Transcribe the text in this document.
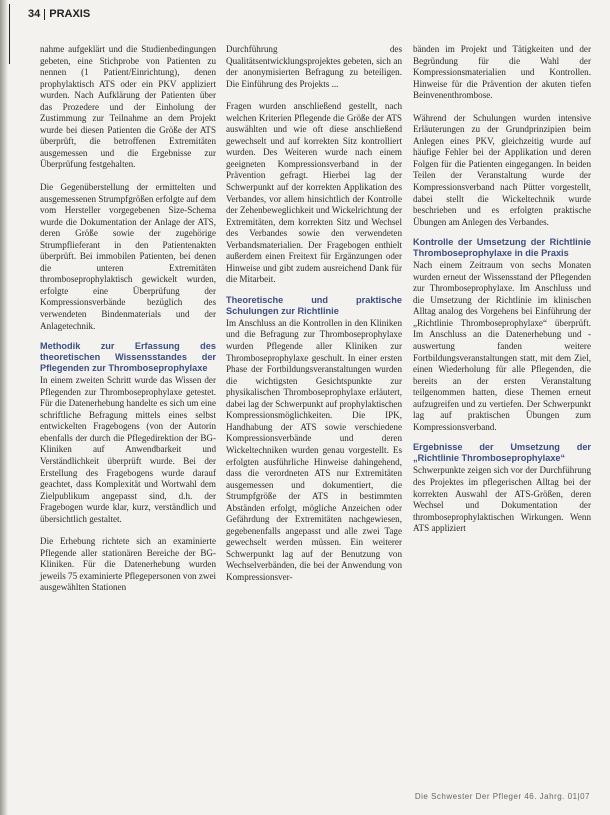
34 PRAXIS

nahme aufgeklärt und die Studienbedingungen gebeten, eine Stichprobe von Patienten zu nennen (1 Patient/Einrichtung), denen prophylaktisch ATS oder ein PKV appliziert wurden. Nach Aufklärung der Patienten über das Prozedere und der Einholung der Zustimmung zur Teilnahme an dem Projekt wurde bei diesen Patienten die Größe der ATS überprüft, die betroffenen Extremitäten ausgemessen und die Ergebnisse zur Überprüfung festgehalten.

Die Gegenüberstellung der ermittelten und ausgemessenen Strumpfgrößen erfolgte auf dem vom Hersteller vorgegebenen Size-Schema wurde die Dokumentation der Anlage der ATS, deren Größe sowie der zugehörige Strumpflieferant in den Patientenakten überprüft. Bei immobilen Patienten, bei denen die unteren Extremitäten thromboseprophylaktisch gewickelt wurden, erfolgte eine Überprüfung der Kompressionsverbände bezüglich des verwendeten Bindenmaterials und der Anlagetechnik.

Methodik zur Erfassung des theoretischen Wissensstandes der Pflegenden zur Thromboseprophylaxe

In einem zweiten Schritt wurde das Wissen der Pflegenden zur Thromboseprophylaxe getestet. Für die Datenerhebung handelte es sich um eine schriftliche Befragung mittels eines selbst entwickelten Fragebogens (von der Autorin ebenfalls der durch die Pflegedirektion der BG-Kliniken auf Anwendbarkeit und Verständlichkeit überprüft wurde. Bei der Erstellung des Fragebogens wurde darauf geachtet, dass Komplexität und Wortwahl dem Zielpublikum angepasst sind, d.h. der Fragebogen wurde klar, kurz, verständlich und übersichtlich gestaltet.

Die Erhebung richtete sich an examinierte Pflegende aller stationären Bereiche der BG-Kliniken. Für die Datenerhebung wurden jeweils 75 examinierte Pflegepersonen von zwei ausgewählten Stationen

Durchführung des Qualitätsentwicklungsprojektes gebeten, sich an der anonymisierten Befragung zu beteiligen. Die Einführung des Projekts ...

Fragen wurden anschließend gestellt, nach welchen Kriterien Pflegende die Größe der ATS auswählten und wie oft diese anschließend gewechselt und auf korrekten Sitz kontrolliert wurden. Des Weiteren wurde nach einem geeigneten Kompressionsverband in der Prävention gefragt. Hierbei lag der Schwerpunkt auf der korrekten Applikation des Verbandes, vor allem hinsichtlich der Kontrolle der Zehenbeweglichkeit und Wickelrichtung der Extremitäten, dem korrekten Sitz und Wechsel des Verbandes sowie den verwendeten Verbandsmaterialien. Der Fragebogen enthielt außerdem einen Freitext für Ergänzungen oder Hinweise und gibt zudem ausreichend Dank für die Mitarbeit.

Theoretische und praktische Schulungen zur Richtlinie

Im Anschluss an die Kontrollen in den Kliniken und die Befragung zur Thromboseprophylaxe wurden Pflegende aller Kliniken zur Thromboseprophylaxe geschult. In einer ersten Phase der Fortbildungsveranstaltungen wurden die wichtigsten Gesichtspunkte zur physikalischen Thromboseprophylaxe erläutert, dabei lag der Schwerpunkt auf prophylaktischen Kompressionsmöglichkeiten. Die IPK, Handhabung der ATS sowie verschiedene Kompressionsverbände und deren Wickeltechniken wurden genau vorgestellt. Es erfolgten ausführliche Hinweise dahingehend, dass die verordneten ATS nur Extremitäten ausgemessen und dokumentiert, die Strumpfgröße der ATS in bestimmten Abständen erfolgt, mögliche Anzeichen oder Gefährdung der Extremitäten nachgewiesen, gegebenenfalls angepasst und alle zwei Tage gewechselt werden müssen. Ein weiterer Schwerpunkt lag auf der Benutzung von Wechselverbänden, die bei der Anwendung von Kompressionsver-

bänden im Projekt und Tätigkeiten und der Begründung für die Wahl der Kompressionsmaterialien und Kontrollen. Hinweise für die Prävention der akuten tiefen Beinvenenthrombose.

Während der Schulungen wurden intensive Erläuterungen zu der Grundprinzipien beim Anlegen eines PKV, gleichzeitig wurde auf häufige Fehler bei der Applikation und deren Folgen für die Patienten eingegangen. In beiden Teilen der Veranstaltung wurde der Kompressionsverband nach Pütter vorgestellt, dabei stellt die Wickeltechnik wurde beschrieben und es erfolgten praktische Übungen am Anlegen des Verbandes.

Kontrolle der Umsetzung der Richtlinie Thromboseprophylaxe in die Praxis

Nach einem Zeitraum von sechs Monaten wurden erneut der Wissensstand der Pflegenden zur Thromboseprophylaxe. Im Anschluss und die Umsetzung der Richtlinie im klinischen Alltag analog des Vorgehens bei Einführung der „Richtlinie Thromboseprophylaxe“ überprüft. Im Anschluss an die Datenerhebung und -auswertung fanden weitere Fortbildungsveranstaltungen statt, mit dem Ziel, einen Wiederholung für alle Pflegenden, die bereits an der ersten Veranstaltung teilgenommen hatten, diese Themen erneut aufzugreifen und zu vertiefen. Der Schwerpunkt lag auf praktischen Übungen zum Kompressionsverband.

Ergebnisse der Umsetzung der „Richtlinie Thromboseprophylaxe“

Schwerpunkte zeigen sich vor der Durchführung des Projektes im pflegerischen Alltag bei der korrekten Auswahl der ATS-Größen, deren Wechsel und Dokumentation der thromboseprophylaktischen Wirkungen. Wenn ATS appliziert

Die Schwester Der Pfleger 46. Jahrg. 01|07
